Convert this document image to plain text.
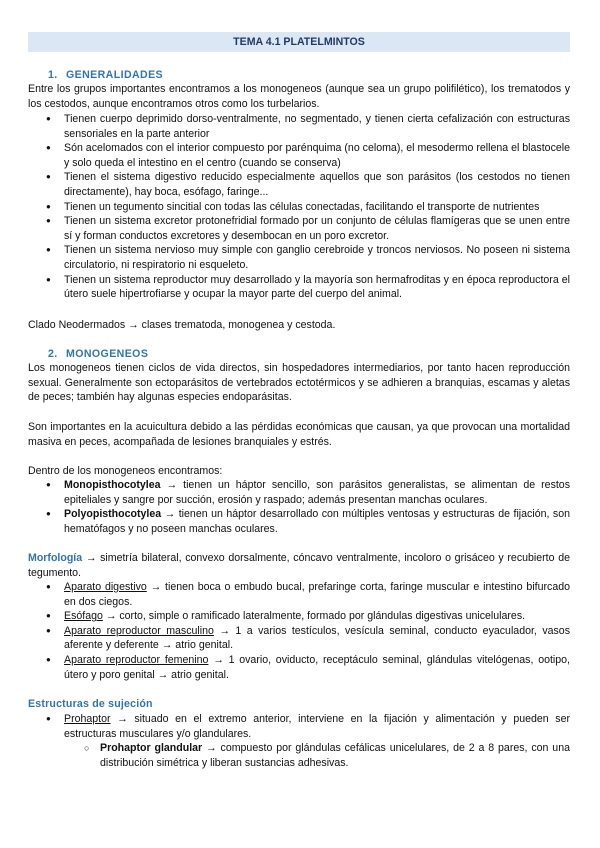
TEMA 4.1 PLATELMINTOS
1. GENERALIDADES
Entre los grupos importantes encontramos a los monogeneos (aunque sea un grupo polifilético), los trematodos y los cestodos, aunque encontramos otros como los turbelarios.
● Tienen cuerpo deprimido dorso-ventralmente, no segmentado, y tienen cierta cefalización con estructuras sensoriales en la parte anterior
● Són acelomados con el interior compuesto por parénquima (no celoma), el mesodermo rellena el blastocele y solo queda el intestino en el centro (cuando se conserva)
● Tienen el sistema digestivo reducido especialmente aquellos que son parásitos (los cestodos no tienen directamente), hay boca, esófago, faringe...
● Tienen un tegumento sincitial con todas las células conectadas, facilitando el transporte de nutrientes
● Tienen un sistema excretor protonefridial formado por un conjunto de células flamígeras que se unen entre sí y forman conductos excretores y desembocan en un poro excretor.
● Tienen un sistema nervioso muy simple con ganglio cerebroide y troncos nerviosos. No poseen ni sistema circulatorio, ni respiratorio ni esqueleto.
● Tienen un sistema reproductor muy desarrollado y la mayoría son hermafroditas y en época reproductora el útero suele hipertrofiarse y ocupar la mayor parte del cuerpo del animal.
Clado Neodermados → clases trematoda, monogenea y cestoda.
2. MONOGENEOS
Los monogeneos tienen ciclos de vida directos, sin hospedadores intermediarios, por tanto hacen reproducción sexual. Generalmente son ectoparásitos de vertebrados ectotérmicos y se adhieren a branquias, escamas y aletas de peces; también hay algunas especies endoparásitas.
Son importantes en la acuicultura debido a las pérdidas económicas que causan, ya que provocan una mortalidad masiva en peces, acompañada de lesiones branquiales y estrés.
Dentro de los monogeneos encontramos:
● Monopisthocotylea → tienen un háptor sencillo, son parásitos generalistas, se alimentan de restos epiteliales y sangre por succión, erosión y raspado; además presentan manchas oculares.
● Polyopisthocotylea → tienen un háptor desarrollado con múltiples ventosas y estructuras de fijación, son hematófagos y no poseen manchas oculares.
Morfología → simetría bilateral, convexo dorsalmente, cóncavo ventralmente, incoloro o grisáceo y recubierto de tegumento.
● Aparato digestivo → tienen boca o embudo bucal, prefaringe corta, faringe muscular e intestino bifurcado en dos ciegos.
● Esófago → corto, simple o ramificado lateralmente, formado por glándulas digestivas unicelulares.
● Aparato reproductor masculino → 1 a varios testículos, vesícula seminal, conducto eyaculador, vasos aferente y deferente → atrio genital.
● Aparato reproductor femenino → 1 ovario, oviducto, receptáculo seminal, glándulas vitelógenas, ootipo, útero y poro genital → atrio genital.
Estructuras de sujeción
● Prohaptor → situado en el extremo anterior, interviene en la fijación y alimentación y pueden ser estructuras musculares y/o glandulares.
○ Prohaptor glandular → compuesto por glándulas cefálicas unicelulares, de 2 a 8 pares, con una distribución simétrica y liberan sustancias adhesivas.
